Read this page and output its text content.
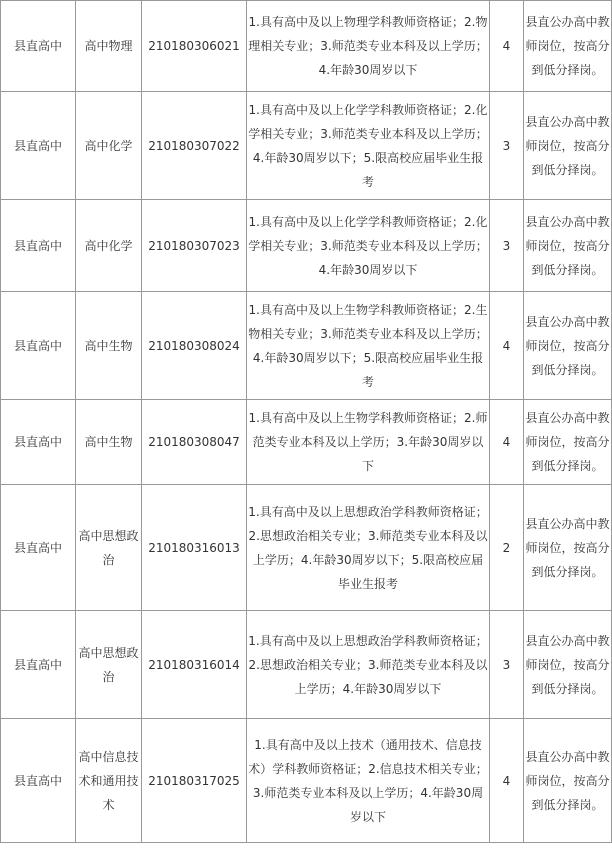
县直高中	高中物理	210180306021	1.具有高中及以上物理学科教师资格证；2.物理相关专业；3.师范类专业本科及以上学历；4.年龄30周岁以下	4	县直公办高中教师岗位，按高分到低分择岗。
县直高中	高中化学	210180307022	1.具有高中及以上化学学科教师资格证；2.化学相关专业；3.师范类专业本科及以上学历；4.年龄30周岁以下；5.限高校应届毕业生报考	3	县直公办高中教师岗位，按高分到低分择岗。
县直高中	高中化学	210180307023	1.具有高中及以上化学学科教师资格证；2.化学相关专业；3.师范类专业本科及以上学历；4.年龄30周岁以下	3	县直公办高中教师岗位，按高分到低分择岗。
县直高中	高中生物	210180308024	1.具有高中及以上生物学科教师资格证；2.生物相关专业；3.师范类专业本科及以上学历；4.年龄30周岁以下；5.限高校应届毕业生报考	4	县直公办高中教师岗位，按高分到低分择岗。
县直高中	高中生物	210180308047	1.具有高中及以上生物学科教师资格证；2.师范类专业本科及以上学历；3.年龄30周岁以下	4	县直公办高中教师岗位，按高分到低分择岗。
县直高中	高中思想政治	210180316013	1.具有高中及以上思想政治学科教师资格证；2.思想政治相关专业；3.师范类专业本科及以上学历；4.年龄30周岁以下；5.限高校应届毕业生报考	2	县直公办高中教师岗位，按高分到低分择岗。
县直高中	高中思想政治	210180316014	1.具有高中及以上思想政治学科教师资格证；2.思想政治相关专业；3.师范类专业本科及以上学历；4.年龄30周岁以下	3	县直公办高中教师岗位，按高分到低分择岗。
县直高中	高中信息技术和通用技术	210180317025	1.具有高中及以上技术（通用技术、信息技术）学科教师资格证；2.信息技术相关专业；3.师范类专业本科及以上学历；4.年龄30周岁以下	4	县直公办高中教师岗位，按高分到低分择岗。
